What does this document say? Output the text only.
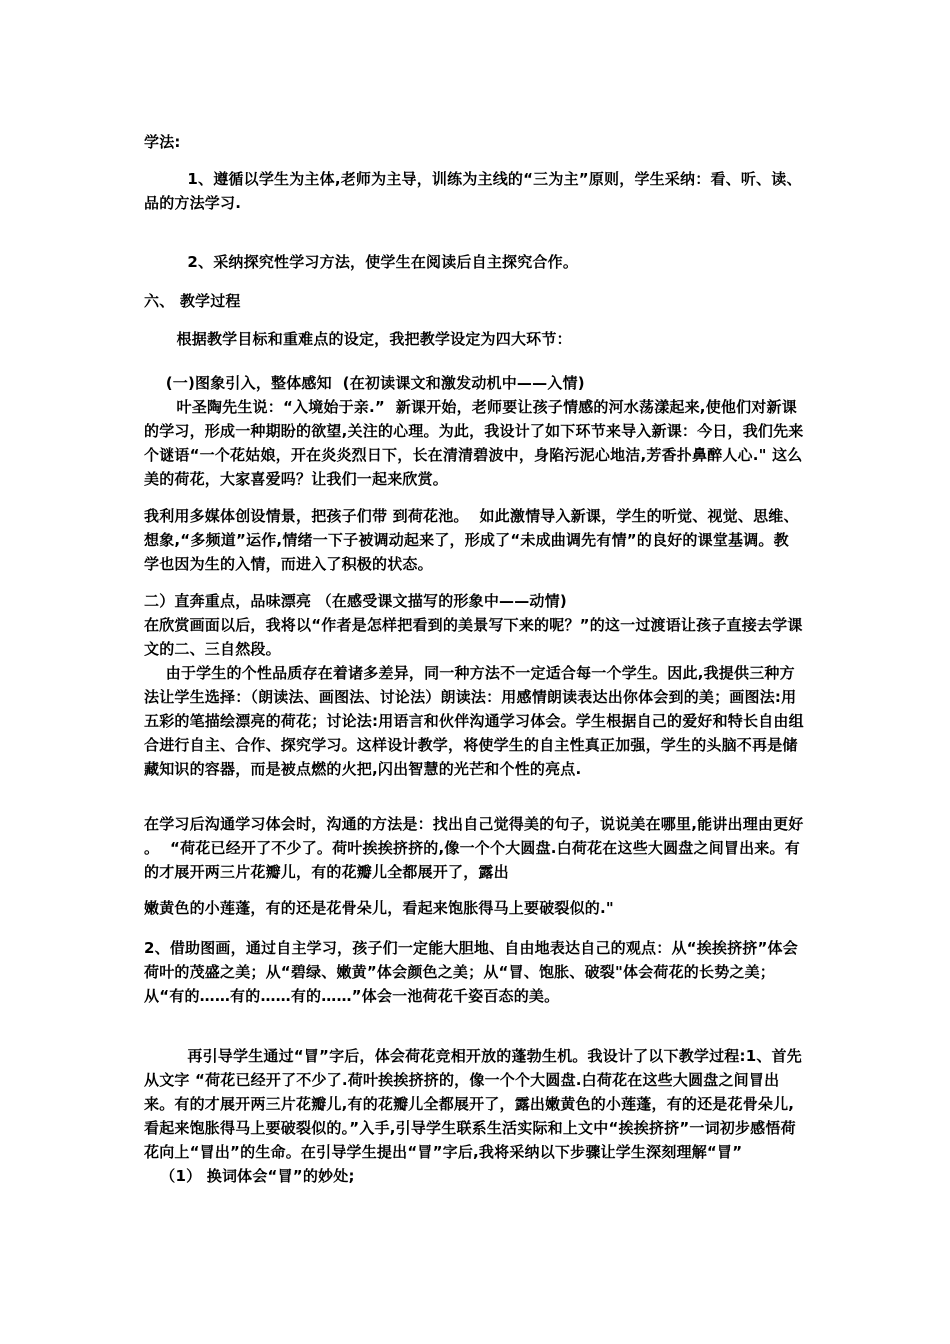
学法:

1、遵循以学生为主体,老师为主导，训练为主线的“三为主”原则，学生采纳：看、听、读、品的方法学习.

2、采纳探究性学习方法，使学生在阅读后自主探究合作。

六、 教学过程

根据教学目标和重难点的设定，我把教学设定为四大环节：

(一)图象引入，整体感知  (在初读课文和激发动机中——入情)
叶圣陶先生说：“入境始于亲.”  新课开始，老师要让孩子情感的河水荡漾起来,使他们对新课的学习，形成一种期盼的欲望,关注的心理。为此，我设计了如下环节来导入新课：今日，我们先来个谜语“一个花姑娘，开在炎炎烈日下，长在清清碧波中，身陷污泥心地洁,芳香扑鼻醉人心." 这么美的荷花，大家喜爱吗？让我们一起来欣赏。

我利用多媒体创设情景，把孩子们带 到荷花池。  如此激情导入新课，学生的听觉、视觉、思维、想象,“多频道”运作,情绪一下子被调动起来了，形成了“未成曲调先有情”的良好的课堂基调。教学也因为生的入情，而进入了积极的状态。

二）直奔重点，品味漂亮 （在感受课文描写的形象中——动情)
在欣赏画面以后，我将以“作者是怎样把看到的美景写下来的呢？”的这一过渡语让孩子直接去学课文的二、三自然段。
由于学生的个性品质存在着诸多差异，同一种方法不一定适合每一个学生。因此,我提供三种方法让学生选择：（朗读法、画图法、讨论法）朗读法：用感情朗读表达出你体会到的美；画图法:用五彩的笔描绘漂亮的荷花；讨论法:用语言和伙伴沟通学习体会。学生根据自己的爱好和特长自由组合进行自主、合作、探究学习。这样设计教学，将使学生的自主性真正加强，学生的头脑不再是储藏知识的容器，而是被点燃的火把,闪出智慧的光芒和个性的亮点.

在学习后沟通学习体会时，沟通的方法是：找出自己觉得美的句子，说说美在哪里,能讲出理由更好 。  “荷花已经开了不少了。荷叶挨挨挤挤的,像一个个大圆盘.白荷花在这些大圆盘之间冒出来。有的才展开两三片花瓣儿，有的花瓣儿全都展开了，露出

嫩黄色的小莲蓬，有的还是花骨朵儿，看起来饱胀得马上要破裂似的."

2、借助图画，通过自主学习，孩子们一定能大胆地、自由地表达自己的观点：从“挨挨挤挤”体会荷叶的茂盛之美；从“碧绿、嫩黄”体会颜色之美；从“冒、饱胀、破裂"体会荷花的长势之美；从“有的……有的……有的……”体会一池荷花千姿百态的美。

再引导学生通过“冒”字后，体会荷花竞相开放的蓬勃生机。我设计了以下教学过程:1、首先从文字 “荷花已经开了不少了.荷叶挨挨挤挤的，像一个个大圆盘.白荷花在这些大圆盘之间冒出来。有的才展开两三片花瓣儿,有的花瓣儿全都展开了，露出嫩黄色的小莲蓬，有的还是花骨朵儿,看起来饱胀得马上要破裂似的。”入手,引导学生联系生活实际和上文中“挨挨挤挤”一词初步感悟荷花向上“冒出”的生命。在引导学生提出“冒”字后,我将采纳以下步骤让学生深刻理解“冒”
（1） 换词体会“冒”的妙处;
